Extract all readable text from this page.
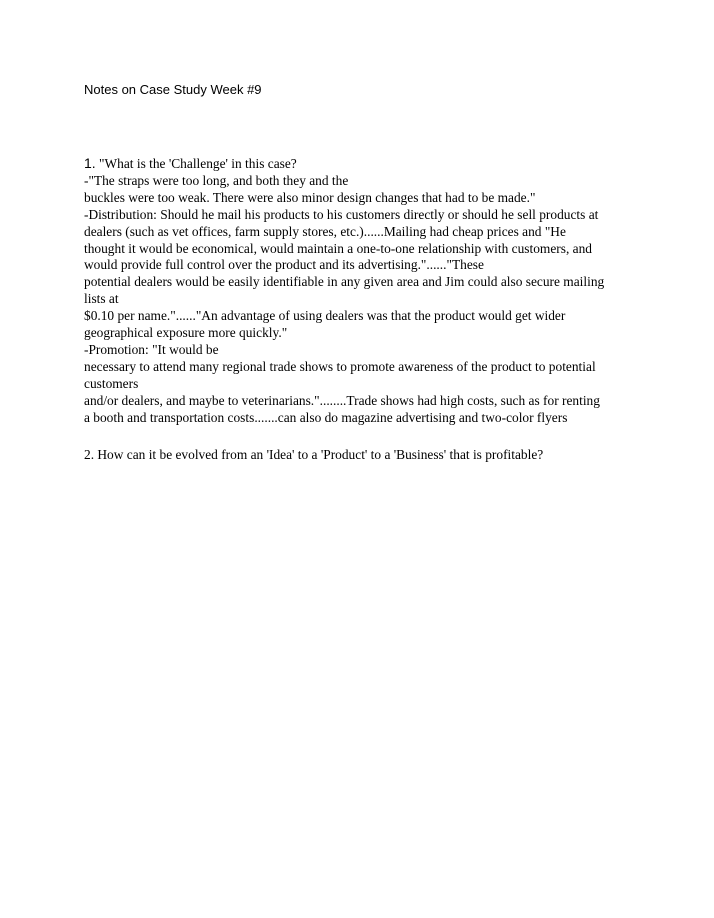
Notes on Case Study Week #9
1. "What is the 'Challenge' in this case?
-"The straps were too long, and both they and the
buckles were too weak. There were also minor design changes that had to be made."
-Distribution: Should he mail his products to his customers directly or should he sell products at
dealers (such as vet offices, farm supply stores, etc.)......Mailing had cheap prices and "He
thought it would be economical, would maintain a one-to-one relationship with customers, and
would provide full control over the product and its advertising."......"These
potential dealers would be easily identifiable in any given area and Jim could also secure mailing
lists at
$0.10 per name."......"An advantage of using dealers was that the product would get wider
geographical exposure more quickly."
-Promotion: "It would be
necessary to attend many regional trade shows to promote awareness of the product to potential
customers
and/or dealers, and maybe to veterinarians."........Trade shows had high costs, such as for renting
a booth and transportation costs.......can also do magazine advertising and two-color flyers
2. How can it be evolved from an 'Idea' to a 'Product' to a 'Business' that is profitable?
